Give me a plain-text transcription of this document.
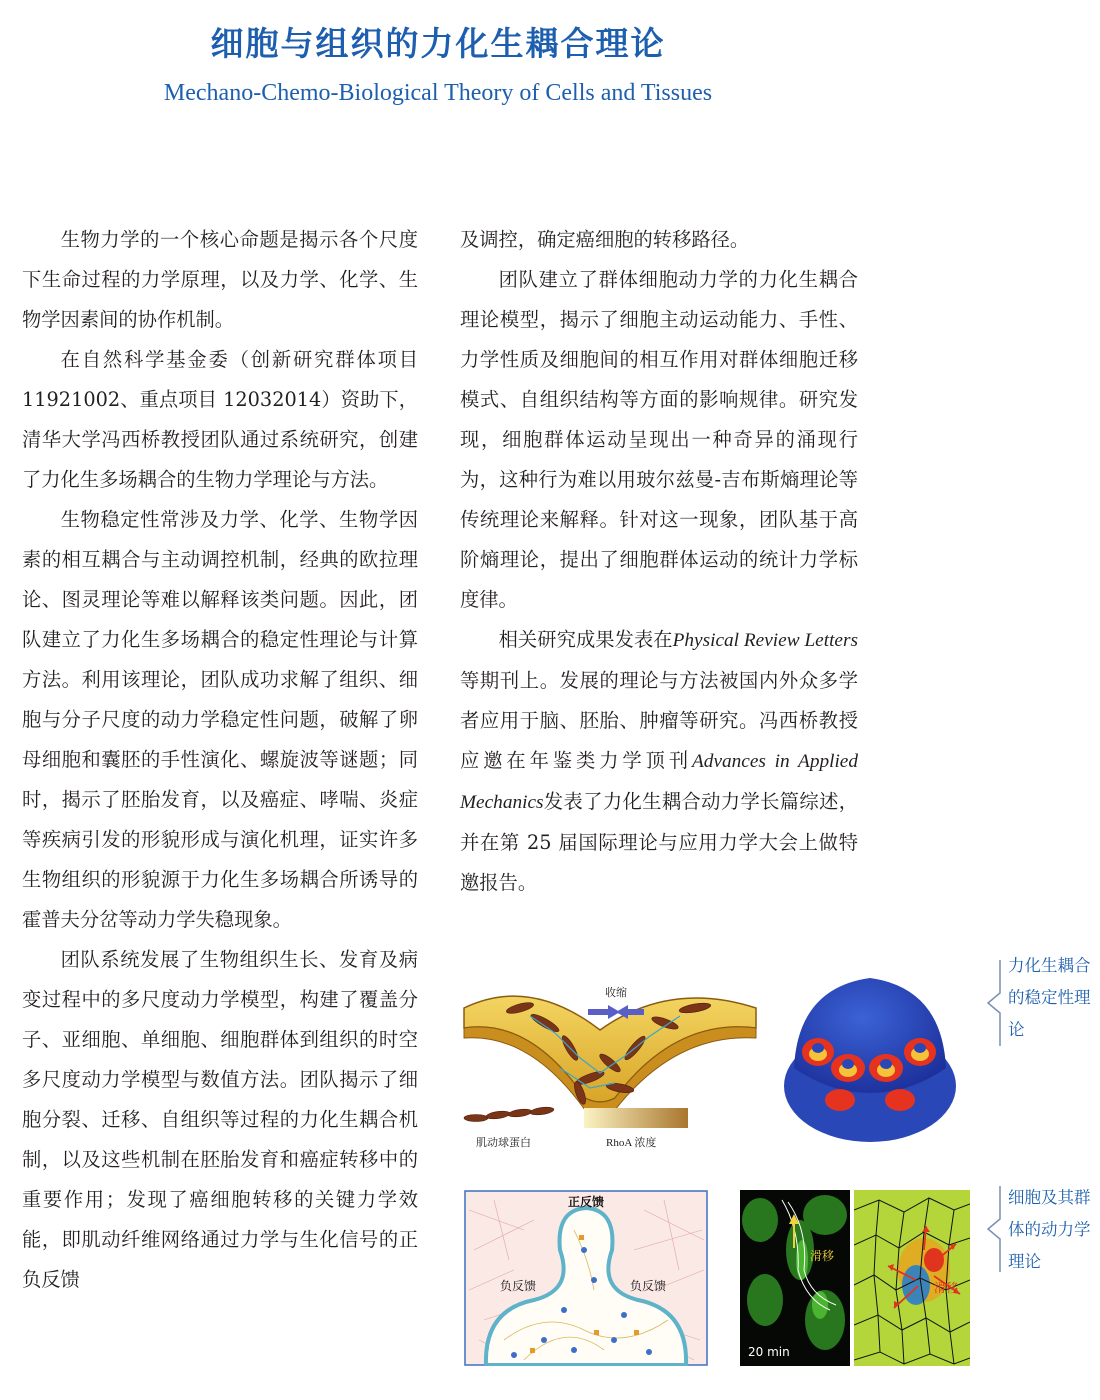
细胞与组织的力化生耦合理论
Mechano-Chemo-Biological Theory of Cells and Tissues

生物力学的一个核心命题是揭示各个尺度下生命过程的力学原理，以及力学、化学、生物学因素间的协作机制。

在自然科学基金委（创新研究群体项目 11921002、重点项目 12032014）资助下，清华大学冯西桥教授团队通过系统研究，创建了力化生多场耦合的生物力学理论与方法。

生物稳定性常涉及力学、化学、生物学因素的相互耦合与主动调控机制，经典的欧拉理论、图灵理论等难以解释该类问题。因此，团队建立了力化生多场耦合的稳定性理论与计算方法。利用该理论，团队成功求解了组织、细胞与分子尺度的动力学稳定性问题，破解了卵母细胞和囊胚的手性演化、螺旋波等谜题；同时，揭示了胚胎发育，以及癌症、哮喘、炎症等疾病引发的形貌形成与演化机理，证实许多生物组织的形貌源于力化生多场耦合所诱导的霍普夫分岔等动力学失稳现象。

团队系统发展了生物组织生长、发育及病变过程中的多尺度动力学模型，构建了覆盖分子、亚细胞、单细胞、细胞群体到组织的时空多尺度动力学模型与数值方法。团队揭示了细胞分裂、迁移、自组织等过程的力化生耦合机制，以及这些机制在胚胎发育和癌症转移中的重要作用；发现了癌细胞转移的关键力学效能，即肌动纤维网络通过力学与生化信号的正负反馈

及调控，确定癌细胞的转移路径。

团队建立了群体细胞动力学的力化生耦合理论模型，揭示了细胞主动运动能力、手性、力学性质及细胞间的相互作用对群体细胞迁移模式、自组织结构等方面的影响规律。研究发现，细胞群体运动呈现出一种奇异的涌现行为，这种行为难以用玻尔兹曼-吉布斯熵理论等传统理论来解释。针对这一现象，团队基于高阶熵理论，提出了细胞群体运动的统计力学标度律。

相关研究成果发表在Physical Review Letters等期刊上。发展的理论与方法被国内外众多学者应用于脑、胚胎、肿瘤等研究。冯西桥教授应邀在年鉴类力学顶刊Advances in Applied Mechanics发表了力化生耦合动力学长篇综述，并在第 25 届国际理论与应用力学大会上做特邀报告。

收缩
肌动球蛋白	RhoA 浓度

力化生耦合的稳定性理论

正反馈
负反馈	负反馈
滑移
20 min
滑移

细胞及其群体的动力学理论
